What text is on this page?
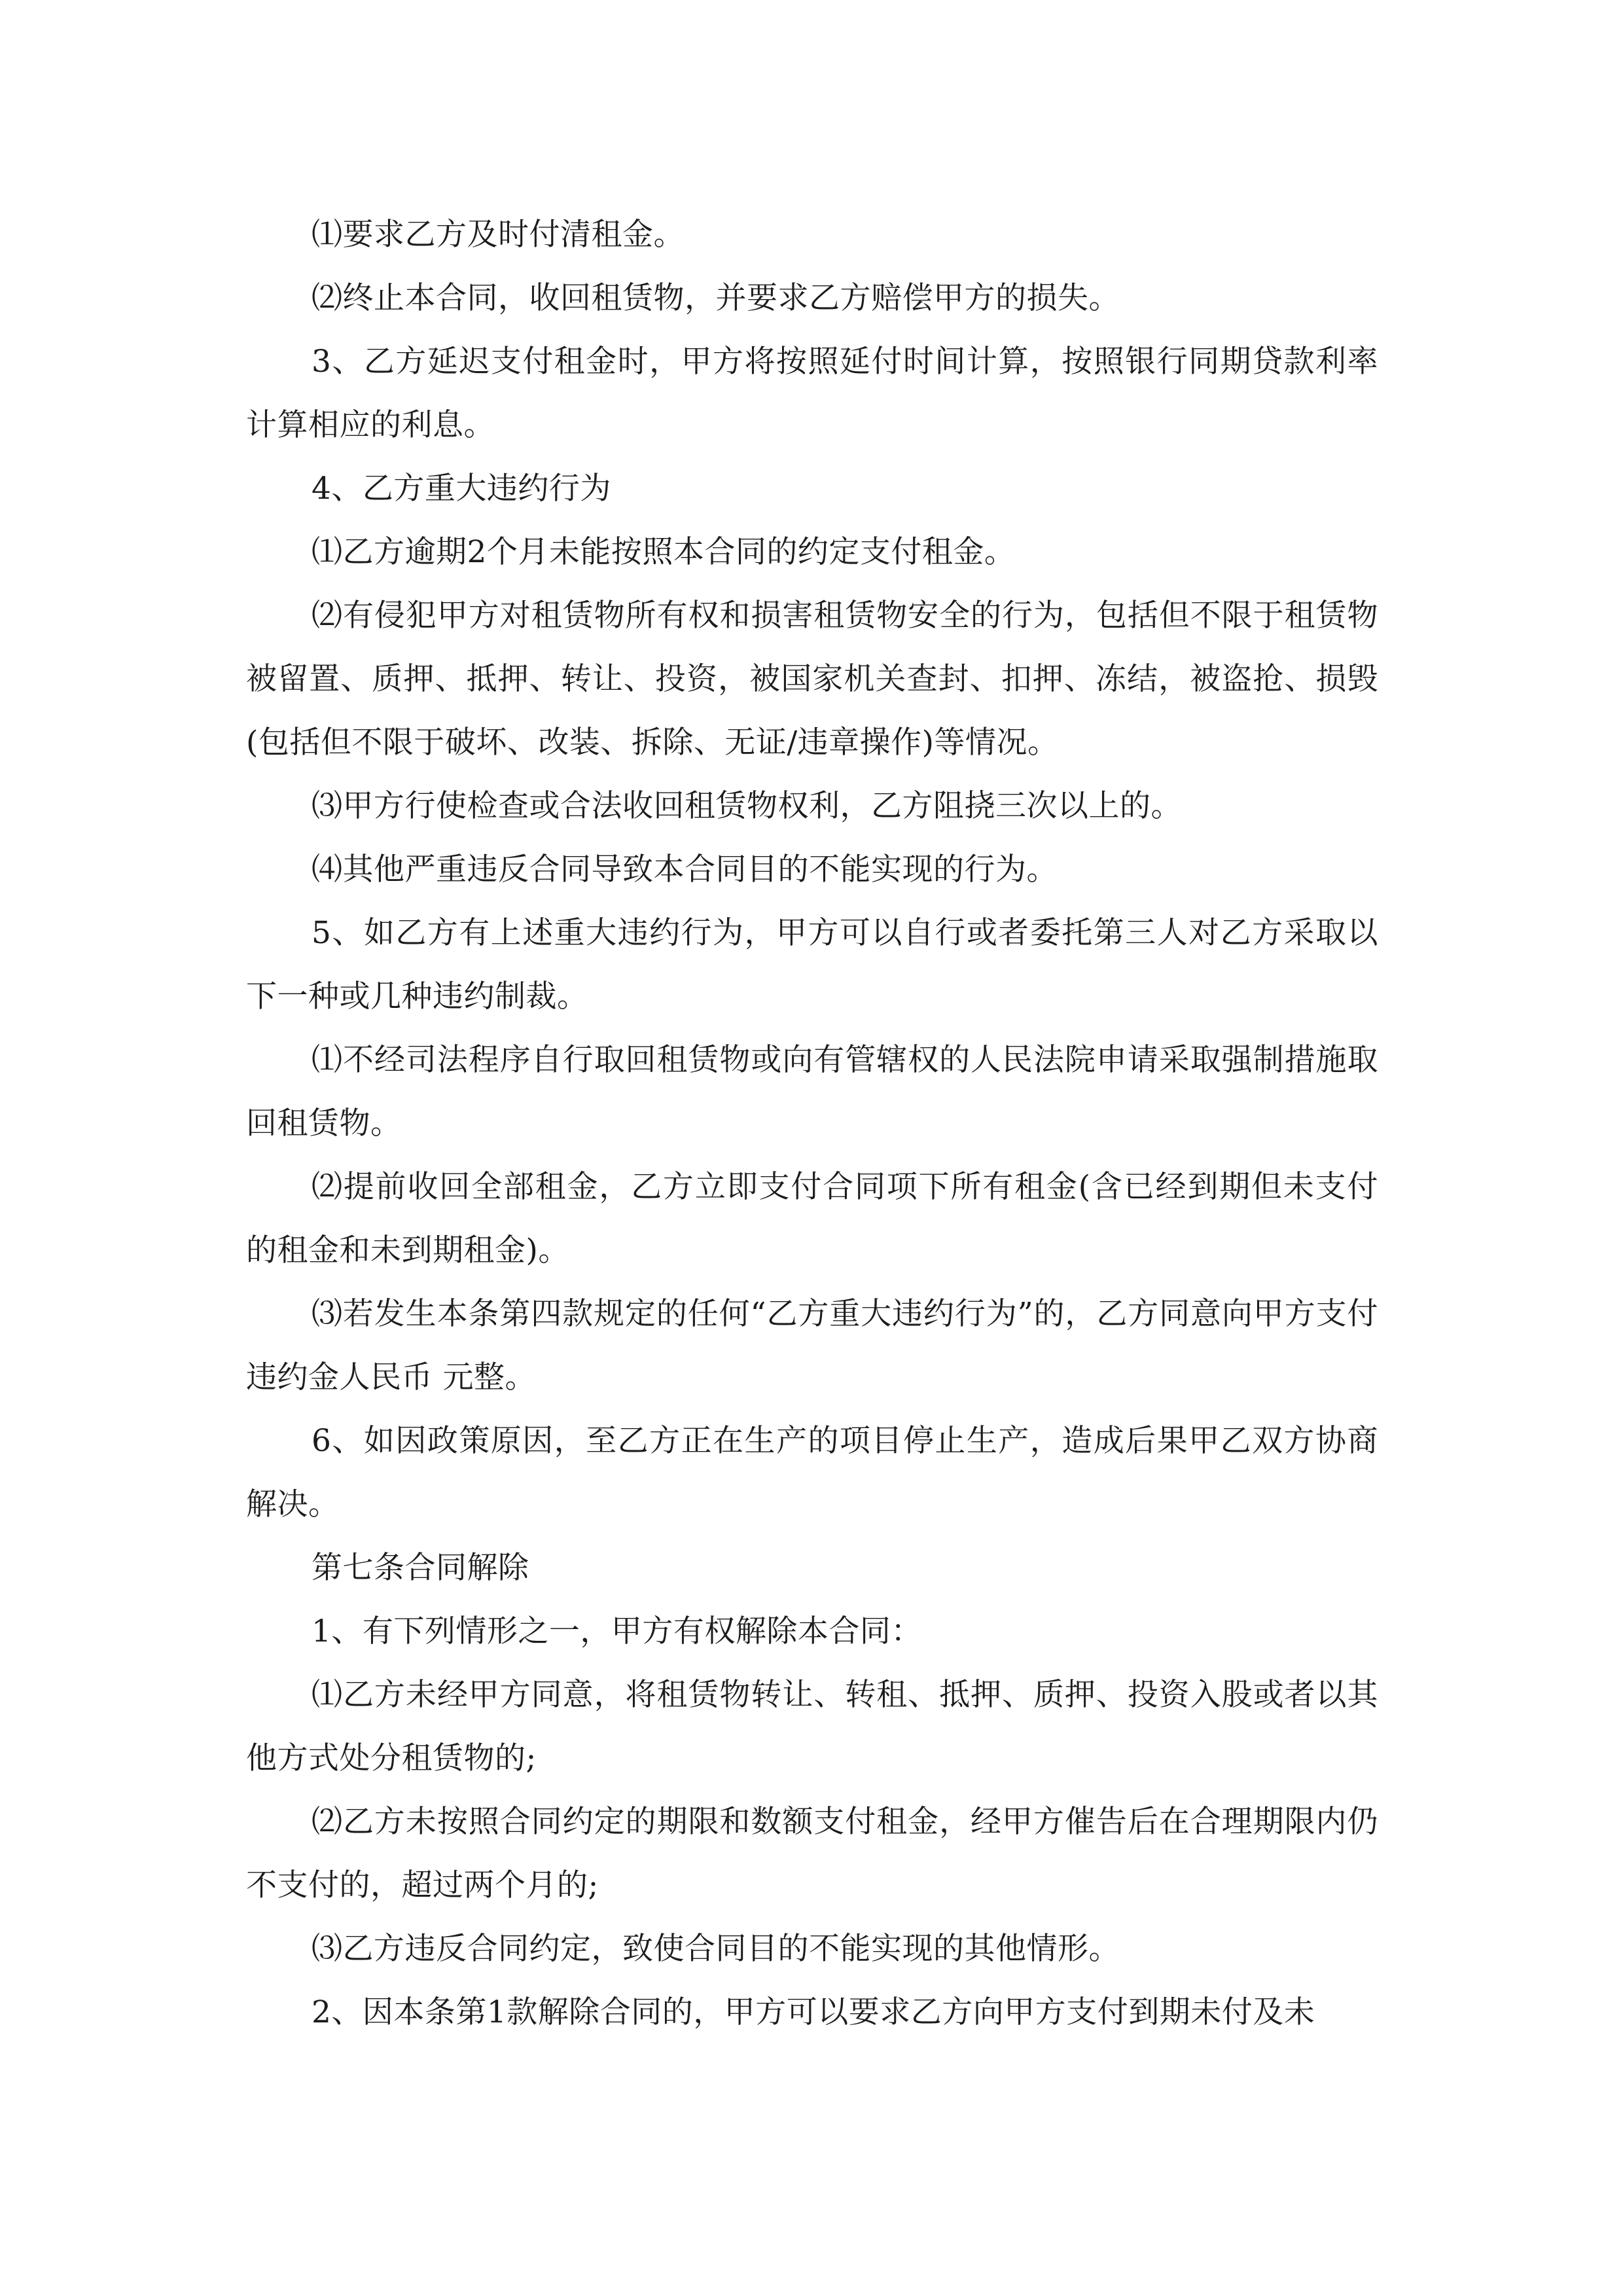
⑴要求乙方及时付清租金。

⑵终止本合同，收回租赁物，并要求乙方赔偿甲方的损失。

3、乙方延迟支付租金时，甲方将按照延付时间计算，按照银行同期贷款利率计算相应的利息。

4、乙方重大违约行为

⑴乙方逾期2个月未能按照本合同的约定支付租金。

⑵有侵犯甲方对租赁物所有权和损害租赁物安全的行为，包括但不限于租赁物被留置、质押、抵押、转让、投资，被国家机关查封、扣押、冻结，被盗抢、损毁(包括但不限于破坏、改装、拆除、无证/违章操作)等情况。

⑶甲方行使检查或合法收回租赁物权利，乙方阻挠三次以上的。

⑷其他严重违反合同导致本合同目的不能实现的行为。

5、如乙方有上述重大违约行为，甲方可以自行或者委托第三人对乙方采取以下一种或几种违约制裁。

⑴不经司法程序自行取回租赁物或向有管辖权的人民法院申请采取强制措施取回租赁物。

⑵提前收回全部租金，乙方立即支付合同项下所有租金(含已经到期但未支付的租金和未到期租金)。

⑶若发生本条第四款规定的任何“乙方重大违约行为”的，乙方同意向甲方支付违约金人民币 元整。

6、如因政策原因，至乙方正在生产的项目停止生产，造成后果甲乙双方协商解决。

第七条合同解除

1、有下列情形之一，甲方有权解除本合同：

⑴乙方未经甲方同意，将租赁物转让、转租、抵押、质押、投资入股或者以其他方式处分租赁物的;

⑵乙方未按照合同约定的期限和数额支付租金，经甲方催告后在合理期限内仍不支付的，超过两个月的;

⑶乙方违反合同约定，致使合同目的不能实现的其他情形。

2、因本条第1款解除合同的，甲方可以要求乙方向甲方支付到期未付及未
